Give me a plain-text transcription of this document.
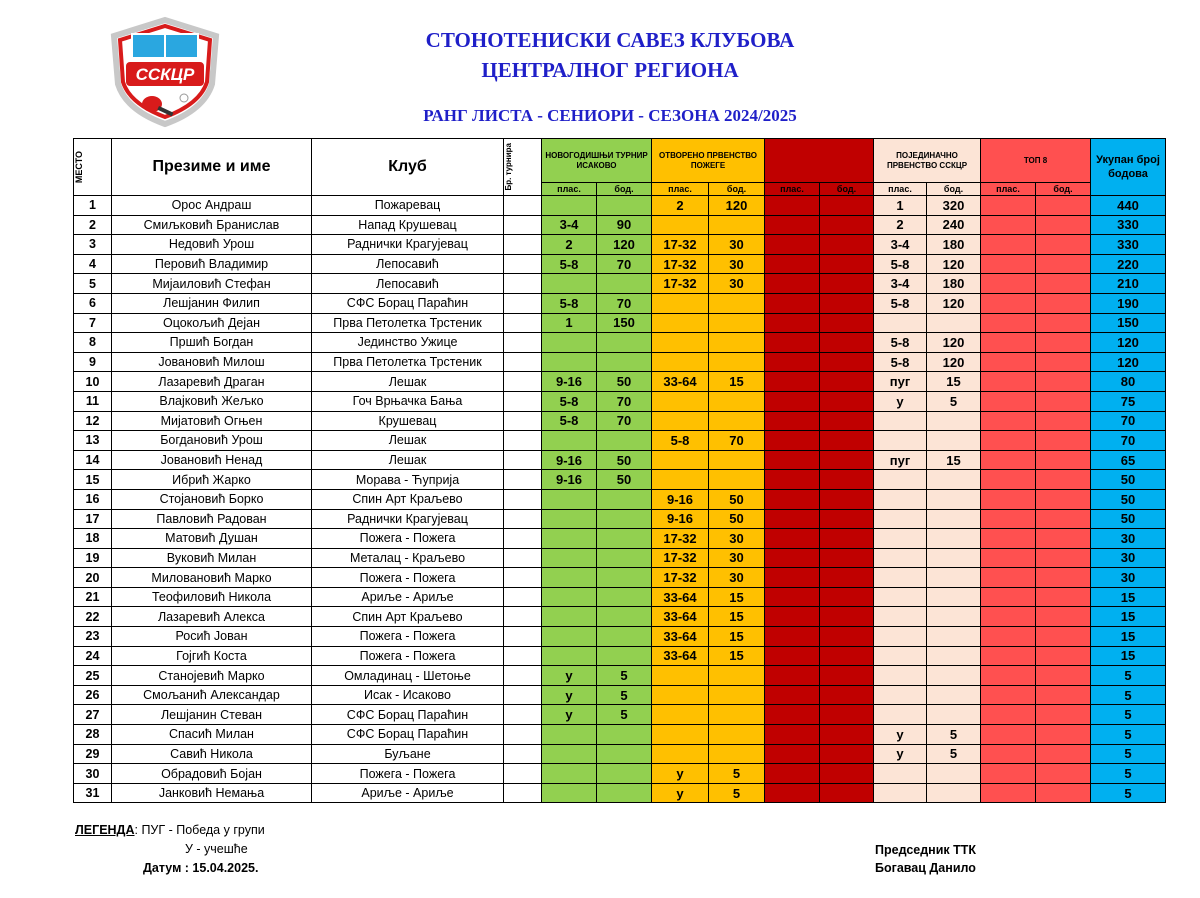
ССКЦР
СТОНОТЕНИСКИ САВЕЗ КЛУБОВА
ЦЕНТРАЛНОГ РЕГИОНА
РАНГ ЛИСТА - СЕНИОРИ - СЕЗОНА 2024/2025
МЕСТО	Презиме и име	Клуб	Бр. турнира	НОВОГОДИШЊИ ТУРНИР ИСАКОВО		ОТВОРЕНО ПРВЕНСТВО ПОЖЕГЕ				ПОЈЕДИНАЧНО ПРВЕНСТВО ССКЦР		ТОП 8		Укупан број бодова
				плас.	бод.	плас.	бод.	плас.	бод.	плас.	бод.	плас.	бод.	
1	Орос Андраш	Пожаревац				2	120			1	320			440
2	Смиљковић Бранислав	Напад Крушевац		3-4	90					2	240			330
3	Недовић Урош	Раднички Крагујевац		2	120	17-32	30			3-4	180			330
4	Перовић Владимир	Лепосавић		5-8	70	17-32	30			5-8	120			220
5	Мијаиловић Стефан	Лепосавић				17-32	30			3-4	180			210
6	Лешјанин Филип	СФС Борац Параћин		5-8	70					5-8	120			190
7	Оцокољић Дејан	Прва Петолетка Трстеник		1	150									150
8	Пршић Богдан	Јединство Ужице								5-8	120			120
9	Јовановић Милош	Прва Петолетка Трстеник								5-8	120			120
10	Лазаревић Драган	Лешак		9-16	50	33-64	15			пуг	15			80
11	Влајковић Жељко	Гоч Врњачка Бања		5-8	70					у	5			75
12	Мијатовић Огњен	Крушевац		5-8	70									70
13	Богдановић Урош	Лешак				5-8	70							70
14	Јовановић Ненад	Лешак		9-16	50					пуг	15			65
15	Ибрић Жарко	Морава - Ћуприја		9-16	50									50
16	Стојановић Борко	Спин Арт Краљево				9-16	50							50
17	Павловић Радован	Раднички Крагујевац				9-16	50							50
18	Матовић Душан	Пожега - Пожега				17-32	30							30
19	Вуковић Милан	Металац - Краљево				17-32	30							30
20	Миловановић Марко	Пожега - Пожега				17-32	30							30
21	Теофиловић Никола	Ариље - Ариље				33-64	15							15
22	Лазаревић Алекса	Спин Арт Краљево				33-64	15							15
23	Росић Јован	Пожега - Пожега				33-64	15							15
24	Гојгић Коста	Пожега - Пожега				33-64	15							15
25	Станојевић Марко	Омладинац - Шетоње		у	5									5
26	Смољанић Александар	Исак - Исаково		у	5									5
27	Лешјанин Стеван	СФС Борац Параћин		у	5									5
28	Спасић Милан	СФС Борац Параћин								у	5			5
29	Савић Никола	Буљане								у	5			5
30	Обрадовић Бојан	Пожега - Пожега				у	5							5
31	Јанковић Немања	Ариље - Ариље				у	5							5
ЛЕГЕНДА: ПУГ - Победа у групи
У - учешће
Датум : 15.04.2025.
Председник ТТК
Богавац Данило
